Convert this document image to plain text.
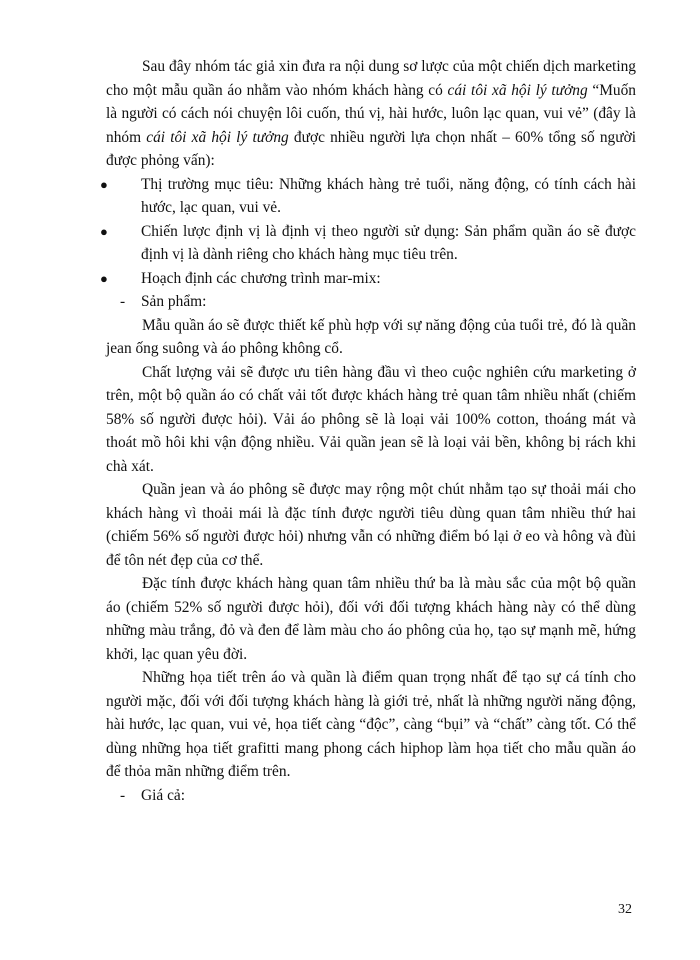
Sau đây nhóm tác giả xin đưa ra nội dung sơ lược của một chiến dịch marketing cho một mẫu quần áo nhằm vào nhóm khách hàng có cái tôi xã hội lý tưởng “Muốn là người có cách nói chuyện lôi cuốn, thú vị, hài hước, luôn lạc quan, vui vẻ” (đây là nhóm cái tôi xã hội lý tưởng được nhiều người lựa chọn nhất – 60% tổng số người được phỏng vấn):

● Thị trường mục tiêu: Những khách hàng trẻ tuổi, năng động, có tính cách hài hước, lạc quan, vui vẻ.

● Chiến lược định vị là định vị theo người sử dụng: Sản phẩm quần áo sẽ được định vị là dành riêng cho khách hàng mục tiêu trên.

● Hoạch định các chương trình mar-mix:

- Sản phẩm:

Mẫu quần áo sẽ được thiết kế phù hợp với sự năng động của tuổi trẻ, đó là quần jean ống suông và áo phông không cổ.

Chất lượng vải sẽ được ưu tiên hàng đầu vì theo cuộc nghiên cứu marketing ở trên, một bộ quần áo có chất vải tốt được khách hàng trẻ quan tâm nhiều nhất (chiếm 58% số người được hỏi). Vải áo phông sẽ là loại vải 100% cotton, thoáng mát và thoát mồ hôi khi vận động nhiều. Vải quần jean sẽ là loại vải bền, không bị rách khi chà xát.

Quần jean và áo phông sẽ được may rộng một chút nhằm tạo sự thoải mái cho khách hàng vì thoải mái là đặc tính được người tiêu dùng quan tâm nhiều thứ hai (chiếm 56% số người được hỏi) nhưng vẫn có những điểm bó lại ở eo và hông và đùi để tôn nét đẹp của cơ thể.

Đặc tính được khách hàng quan tâm nhiều thứ ba là màu sắc của một bộ quần áo (chiếm 52% số người được hỏi), đối với đối tượng khách hàng này có thể dùng những màu trắng, đỏ và đen để làm màu cho áo phông của họ, tạo sự mạnh mẽ, hứng khởi, lạc quan yêu đời.

Những họa tiết trên áo và quần là điểm quan trọng nhất để tạo sự cá tính cho người mặc, đối với đối tượng khách hàng là giới trẻ, nhất là những người năng động, hài hước, lạc quan, vui vẻ, họa tiết càng “độc”, càng “bụi” và “chất” càng tốt. Có thể dùng những họa tiết grafitti mang phong cách hiphop làm họa tiết cho mẫu quần áo để thỏa mãn những điểm trên.

- Giá cả:

32
